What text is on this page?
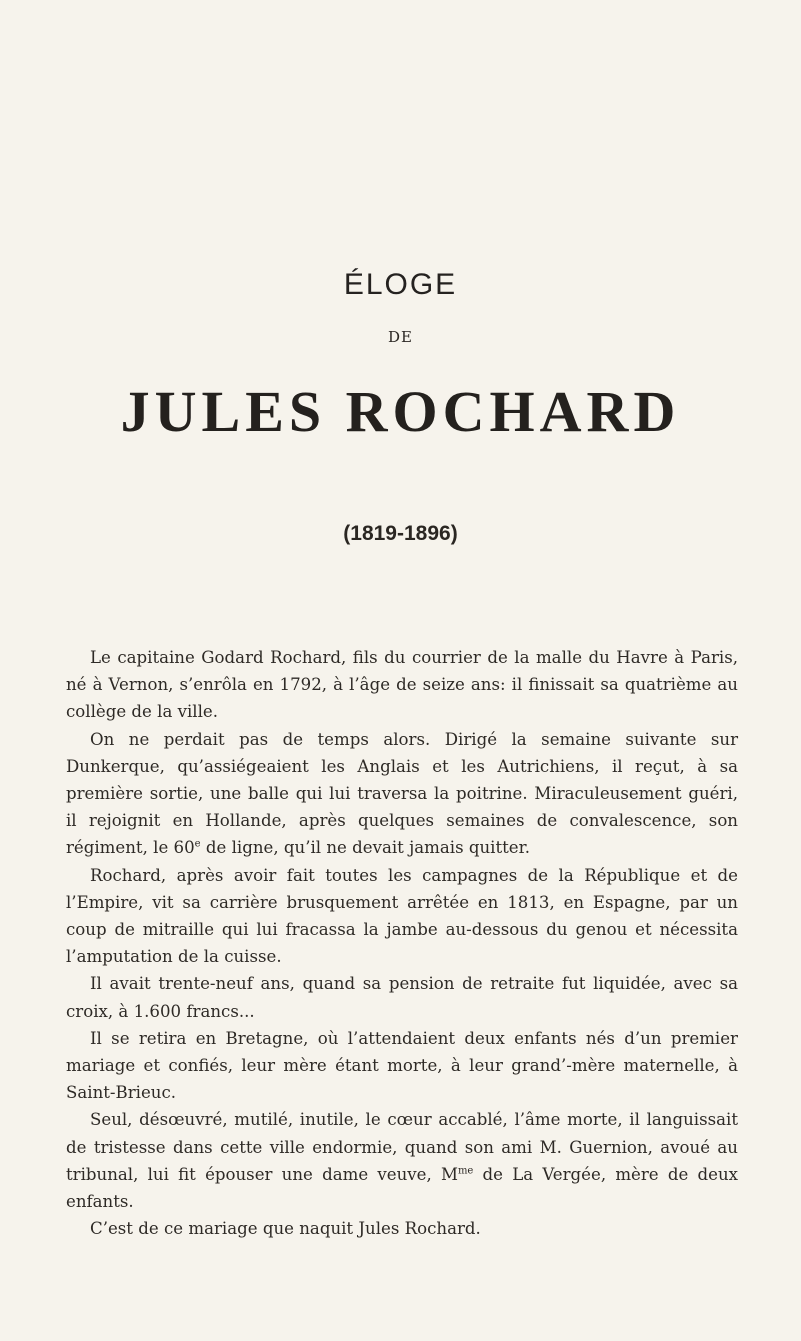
ÉLOGE
DE
JULES ROCHARD
(1819-1896)

Le capitaine Godard Rochard, fils du courrier de la malle du Havre à Paris, né à Vernon, s’enrôla en 1792, à l’âge de seize ans: il finissait sa quatrième au collège de la ville.

On ne perdait pas de temps alors. Dirigé la semaine suivante sur Dunkerque, qu’assiégeaient les Anglais et les Autrichiens, il reçut, à sa première sortie, une balle qui lui traversa la poitrine. Miraculeusement guéri, il rejoignit en Hollande, après quelques semaines de convalescence, son régiment, le 60e de ligne, qu’il ne devait jamais quitter.

Rochard, après avoir fait toutes les campagnes de la République et de l’Empire, vit sa carrière brusquement arrêtée en 1813, en Espagne, par un coup de mitraille qui lui fracassa la jambe au-dessous du genou et nécessita l’amputation de la cuisse.

Il avait trente-neuf ans, quand sa pension de retraite fut liquidée, avec sa croix, à 1.600 francs...

Il se retira en Bretagne, où l’attendaient deux enfants nés d’un premier mariage et confiés, leur mère étant morte, à leur grand’-mère maternelle, à Saint-Brieuc.

Seul, désœuvré, mutilé, inutile, le cœur accablé, l’âme morte, il languissait de tristesse dans cette ville endormie, quand son ami M. Guernion, avoué au tribunal, lui fit épouser une dame veuve, $M^{me}$ de La Vergée, mère de deux enfants.

C’est de ce mariage que naquit Jules Rochard.
